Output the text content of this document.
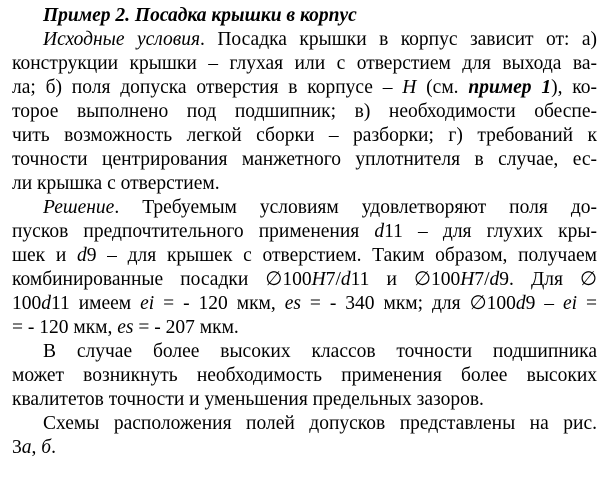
Пример 2. Посадка крышки в корпус
Исходные условия. Посадка крышки в корпус зависит от: а)
конструкции крышки – глухая или с отверстием для выхода ва-
ла; б) поля допуска отверстия в корпусе – H (см. пример 1), ко-
торое выполнено под подшипник; в) необходимости обеспе-
чить возможность легкой сборки – разборки; г) требований к
точности центрирования манжетного уплотнителя в случае, ес-
ли крышка с отверстием.
Решение. Требуемым условиям удовлетворяют поля до-
пусков предпочтительного применения d11 – для глухих кры-
шек и d9 – для крышек с отверстием. Таким образом, получаем
комбинированные посадки ∅100H7/d11 и ∅100H7/d9. Для ∅
100d11 имеем ei = - 120 мкм, es = - 340 мкм; для ∅100d9 – ei =
= - 120 мкм, es = - 207 мкм.
В случае более высоких классов точности подшипника
может возникнуть необходимость применения более высоких
квалитетов точности и уменьшения предельных зазоров.
Схемы расположения полей допусков представлены на рис.
3а, б.
